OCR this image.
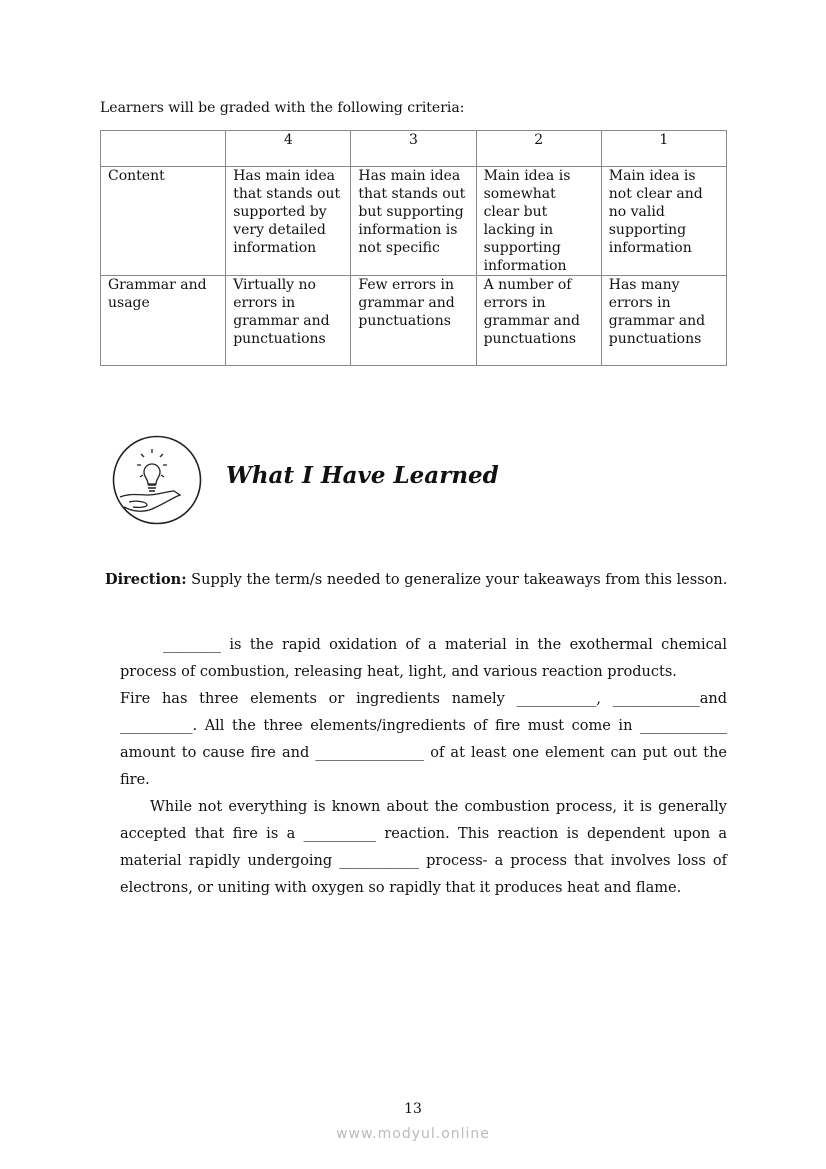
Learners will be graded with the following criteria:
	4	3	2	1
Content	Has main idea that stands out supported by very detailed information	Has main idea that stands out but supporting information is not specific	Main idea is somewhat clear but lacking in supporting information	Main idea is not clear and no valid supporting information
Grammar and usage	Virtually no errors in grammar and punctuations	Few errors in grammar and punctuations	A number of errors in grammar and punctuations	Has many errors in grammar and punctuations
What I Have Learned
Direction: Supply the term/s needed to generalize your takeaways from this lesson.

________ is the rapid oxidation of a material in the exothermal chemical process of combustion, releasing heat, light, and various reaction products.

Fire has three elements or ingredients namely ___________, ____________and __________. All the three elements/ingredients of fire must come in ____________ amount to cause fire and _______________ of at least one element can put out the fire.

While not everything is known about the combustion process, it is generally accepted that fire is a __________ reaction. This reaction is dependent upon a material rapidly undergoing ___________ process- a process that involves loss of electrons, or uniting with oxygen so rapidly that it produces heat and flame.

13
www.modyul.online
